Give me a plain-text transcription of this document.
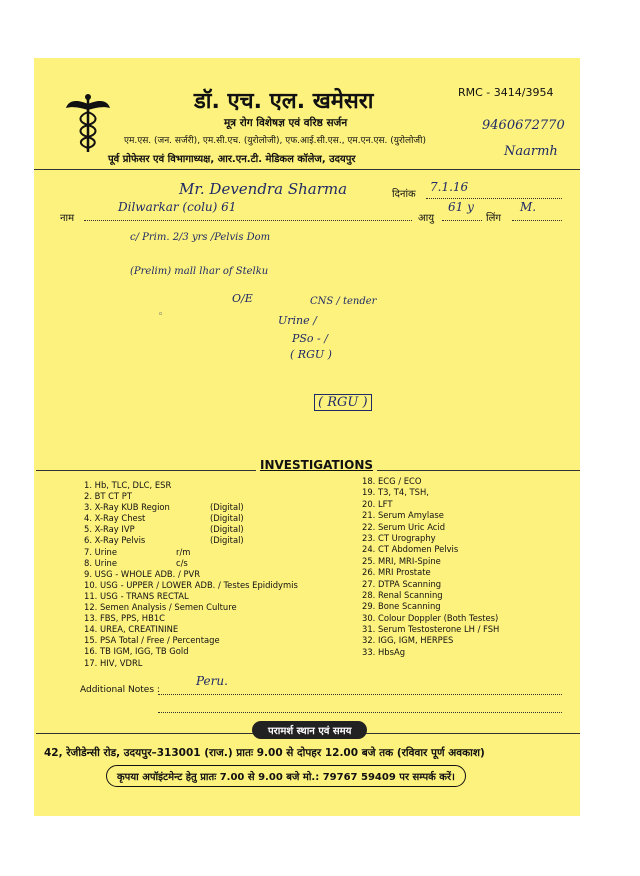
डॉ. एच. एल. खमेसरा	RMC - 3414/3954
मूत्र रोग विशेषज्ञ एवं वरिष्ठ सर्जन
एम.एस. (जन. सर्जरी), एम.सी.एच. (युरोलोजी), एफ.आई.सी.एस., एम.एन.एस. (युरोलोजी)
पूर्व प्रोफेसर एवं विभागाध्यक्ष, आर.एन.टी. मेडिकल कॉलेज, उदयपुर
9460672770
Naarmh
Mr. Devendra Sharma	दिनांक
7.1.16
नाम
Dilwarkar (colu) 61
आयु
61 y
लिंग
M.
c/ Prim. 2/3 yrs /Pelvis Dom
(Prelim) mall lhar of Stelku
O/E	CNS / tender
◦	Urine /
PSo - /
( RGU )
( RGU )
INVESTIGATIONS
1. Hb, TLC, DLC, ESR
2. BT CT PT
3. X-Ray KUB Region	(Digital)
4. X-Ray Chest	(Digital)
5. X-Ray IVP	(Digital)
6. X-Ray Pelvis	(Digital)
7. Urine	r/m
8. Urine	c/s
9. USG - WHOLE ADB. / PVR
10. USG - UPPER / LOWER ADB. / Testes Epididymis
11. USG - TRANS RECTAL
12. Semen Analysis / Semen Culture
13. FBS, PPS, HB1C
14. UREA, CREATININE
15. PSA Total / Free / Percentage
16. TB IGM, IGG, TB Gold
17. HIV, VDRL
18. ECG / ECO
19. T3, T4, TSH,
20. LFT
21. Serum Amylase
22. Serum Uric Acid
23. CT Urography
24. CT Abdomen Pelvis
25. MRI, MRI-Spine
26. MRI Prostate
27. DTPA Scanning
28. Renal Scanning
29. Bone Scanning
30. Colour Doppler (Both Testes)
31. Serum Testosterone LH / FSH
32. IGG, IGM, HERPES
33. HbsAg
Additional Notes :
Peru.
परामर्श स्थान एवं समय
42, रेजीडेन्सी रोड, उदयपुर–313001 (राज.) प्रातः 9.00 से दोपहर 12.00 बजे तक (रविवार पूर्ण अवकाश)
कृपया अपॉइंटमेन्ट हेतु प्रातः 7.00 से 9.00 बजे मो.: 79767 59409 पर सम्पर्क करें।
